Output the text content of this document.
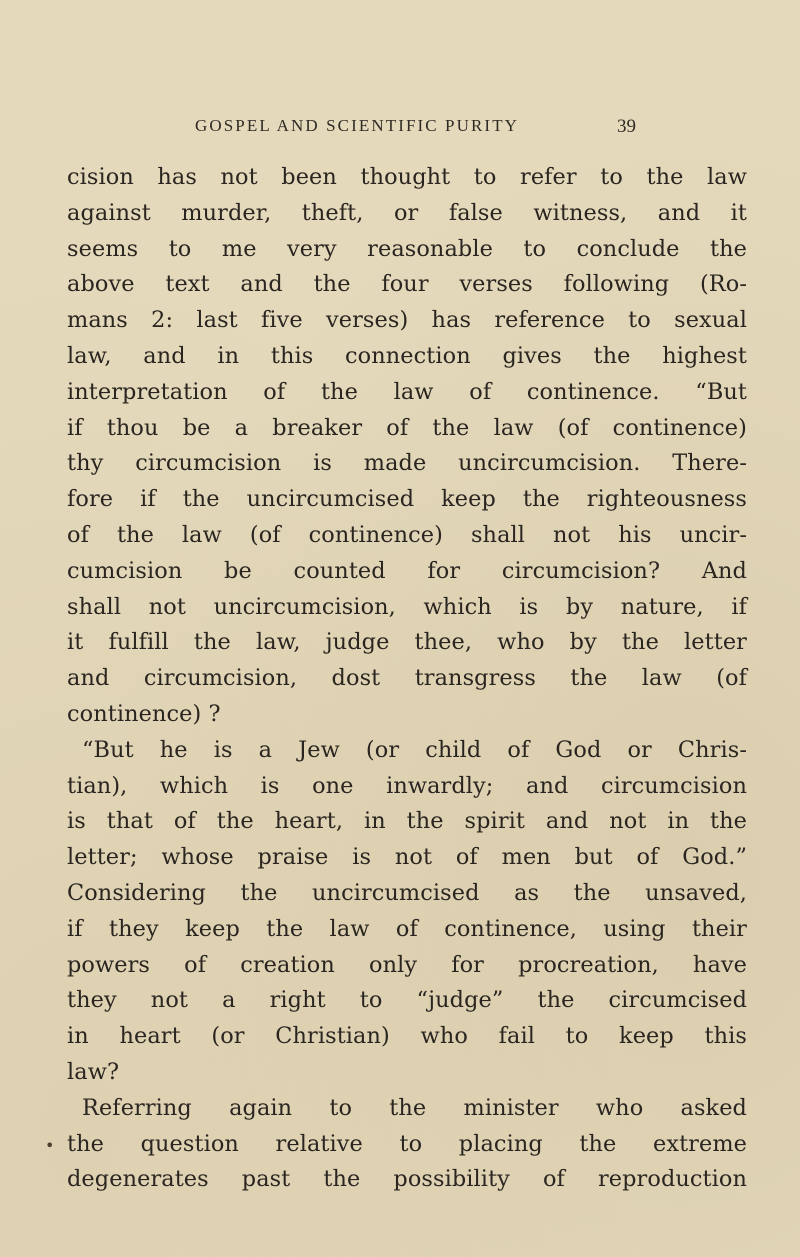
GOSPEL AND SCIENTIFIC PURITY	39
cision has not been thought to refer to the law
against murder, theft, or false witness, and it
seems to me very reasonable to conclude the
above text and the four verses following (Ro-
mans 2: last five verses) has reference to sexual
law, and in this connection gives the highest
interpretation of the law of continence. “But
if thou be a breaker of the law (of continence)
thy circumcision is made uncircumcision. There-
fore if the uncircumcised keep the righteousness
of the law (of continence) shall not his uncir-
cumcision be counted for circumcision? And
shall not uncircumcision, which is by nature, if
it fulfill the law, judge thee, who by the letter
and circumcision, dost transgress the law (of
continence) ?
“But he is a Jew (or child of God or Chris-
tian), which is one inwardly; and circumcision
is that of the heart, in the spirit and not in the
letter; whose praise is not of men but of God.”
Considering the uncircumcised as the unsaved,
if they keep the law of continence, using their
powers of creation only for procreation, have
they not a right to “judge” the circumcised
in heart (or Christian) who fail to keep this
law?
Referring again to the minister who asked
the question relative to placing the extreme
degenerates past the possibility of reproduction
•
